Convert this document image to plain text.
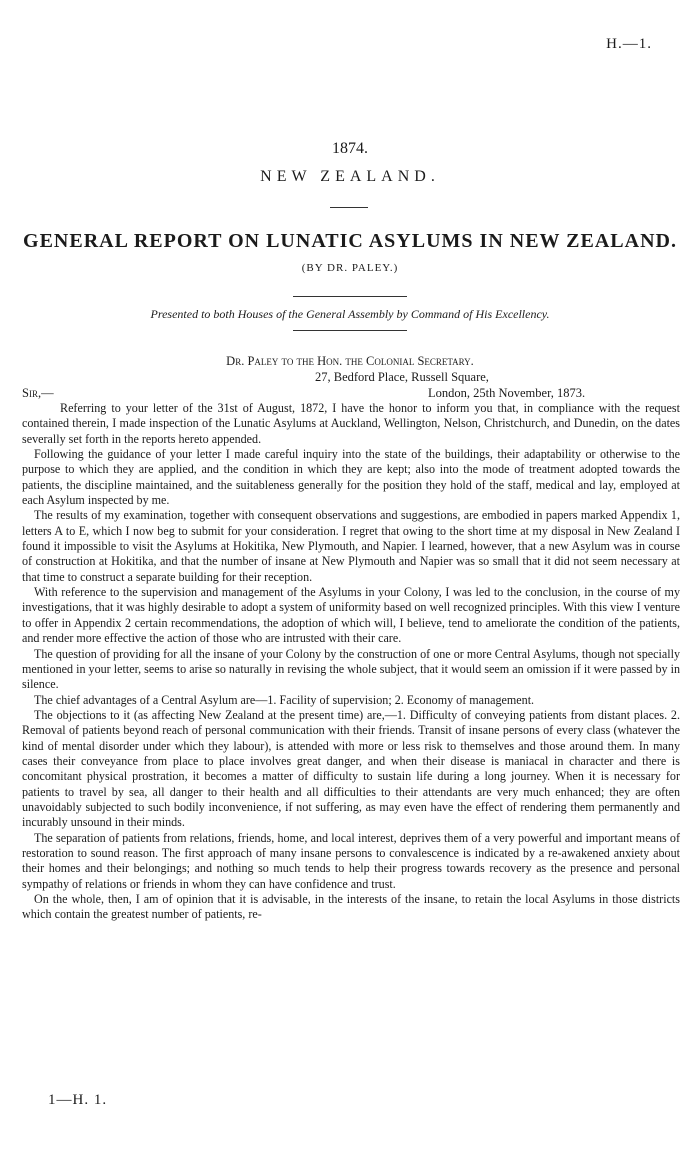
H.—1.
1874.
NEW ZEALAND.
GENERAL REPORT ON LUNATIC ASYLUMS IN NEW ZEALAND.
(BY DR. PALEY.)
Presented to both Houses of the General Assembly by Command of His Excellency.
Dr. Paley to the Hon. the Colonial Secretary.
27, Bedford Place, Russell Square,
Sir,—	London, 25th November, 1873.

Referring to your letter of the 31st of August, 1872, I have the honor to inform you that, in compliance with the request contained therein, I made inspection of the Lunatic Asylums at Auckland, Wellington, Nelson, Christchurch, and Dunedin, on the dates severally set forth in the reports hereto appended.

Following the guidance of your letter I made careful inquiry into the state of the buildings, their adaptability or otherwise to the purpose to which they are applied, and the condition in which they are kept; also into the mode of treatment adopted towards the patients, the discipline maintained, and the suitableness generally for the position they hold of the staff, medical and lay, employed at each Asylum inspected by me.

The results of my examination, together with consequent observations and suggestions, are embodied in papers marked Appendix 1, letters A to E, which I now beg to submit for your consideration. I regret that owing to the short time at my disposal in New Zealand I found it impossible to visit the Asylums at Hokitika, New Plymouth, and Napier. I learned, however, that a new Asylum was in course of construction at Hokitika, and that the number of insane at New Plymouth and Napier was so small that it did not seem necessary at that time to construct a separate building for their reception.

With reference to the supervision and management of the Asylums in your Colony, I was led to the conclusion, in the course of my investigations, that it was highly desirable to adopt a system of uniformity based on well recognized principles. With this view I venture to offer in Appendix 2 certain recommendations, the adoption of which will, I believe, tend to ameliorate the condition of the patients, and render more effective the action of those who are intrusted with their care.

The question of providing for all the insane of your Colony by the construction of one or more Central Asylums, though not specially mentioned in your letter, seems to arise so naturally in revising the whole subject, that it would seem an omission if it were passed by in silence.

The chief advantages of a Central Asylum are—1. Facility of supervision; 2. Economy of management.

The objections to it (as affecting New Zealand at the present time) are,—1. Difficulty of conveying patients from distant places. 2. Removal of patients beyond reach of personal communication with their friends. Transit of insane persons of every class (whatever the kind of mental disorder under which they labour), is attended with more or less risk to themselves and those around them. In many cases their conveyance from place to place involves great danger, and when their disease is maniacal in character and there is concomitant physical prostration, it becomes a matter of difficulty to sustain life during a long journey. When it is necessary for patients to travel by sea, all danger to their health and all difficulties to their attendants are very much enhanced; they are often unavoidably subjected to such bodily inconvenience, if not suffering, as may even have the effect of rendering them permanently and incurably unsound in their minds.

The separation of patients from relations, friends, home, and local interest, deprives them of a very powerful and important means of restoration to sound reason. The first approach of many insane persons to convalescence is indicated by a re-awakened anxiety about their homes and their belongings; and nothing so much tends to help their progress towards recovery as the presence and personal sympathy of relations or friends in whom they can have confidence and trust.

On the whole, then, I am of opinion that it is advisable, in the interests of the insane, to retain the local Asylums in those districts which contain the greatest number of patients, re-

1—H. 1.
